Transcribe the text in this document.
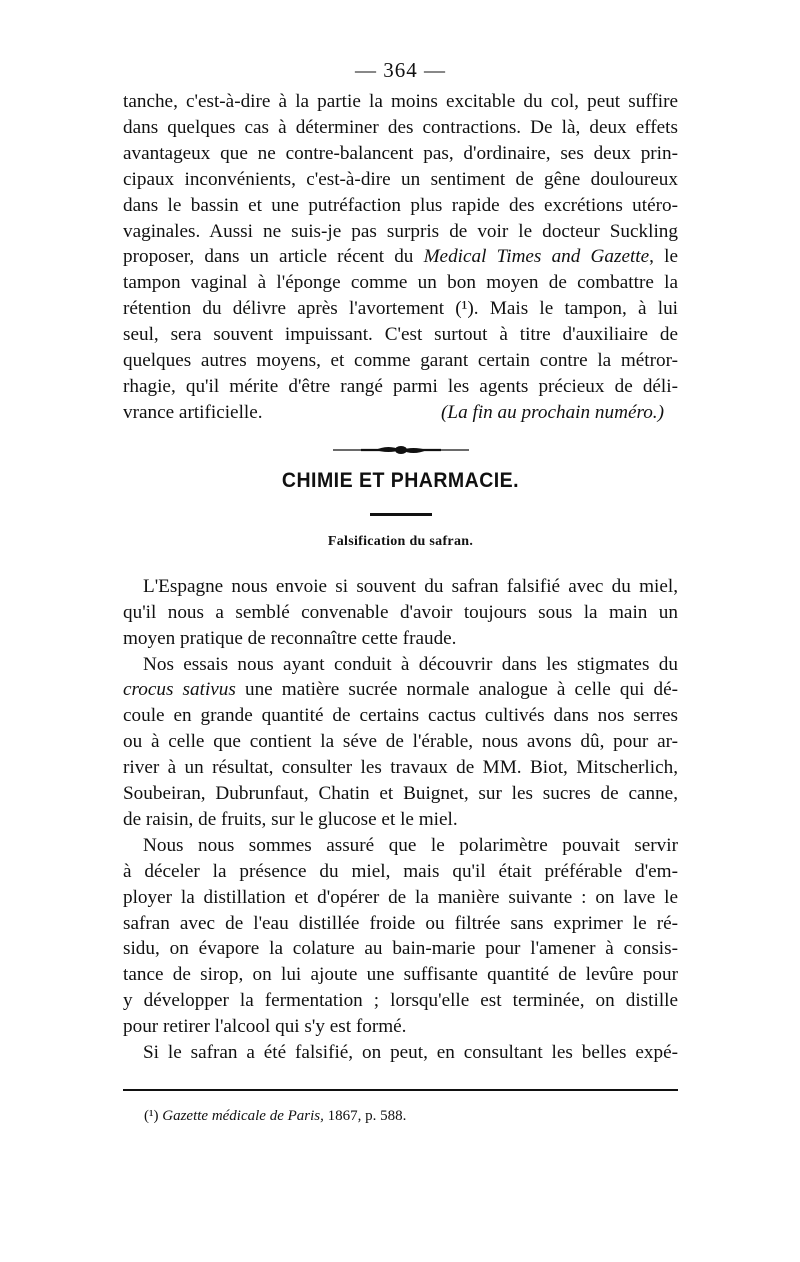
— 364 —
tanche, c'est-à-dire à la partie la moins excitable du col, peut suffire
dans quelques cas à déterminer des contractions. De là, deux effets
avantageux que ne contre-balancent pas, d'ordinaire, ses deux prin-
cipaux inconvénients, c'est-à-dire un sentiment de gêne douloureux
dans le bassin et une putréfaction plus rapide des excrétions utéro-
vaginales. Aussi ne suis-je pas surpris de voir le docteur Suckling
proposer, dans un article récent du Medical Times and Gazette, le
tampon vaginal à l'éponge comme un bon moyen de combattre la
rétention du délivre après l'avortement (¹). Mais le tampon, à lui
seul, sera souvent impuissant. C'est surtout à titre d'auxiliaire de
quelques autres moyens, et comme garant certain contre la métror-
rhagie, qu'il mérite d'être rangé parmi les agents précieux de déli-
vrance artificielle.	(La fin au prochain numéro.)
CHIMIE ET PHARMACIE.
Falsification du safran.
L'Espagne nous envoie si souvent du safran falsifié avec du miel,
qu'il nous a semblé convenable d'avoir toujours sous la main un
moyen pratique de reconnaître cette fraude.
Nos essais nous ayant conduit à découvrir dans les stigmates du
crocus sativus une matière sucrée normale analogue à celle qui dé-
coule en grande quantité de certains cactus cultivés dans nos serres
ou à celle que contient la séve de l'érable, nous avons dû, pour ar-
river à un résultat, consulter les travaux de MM. Biot, Mitscherlich,
Soubeiran, Dubrunfaut, Chatin et Buignet, sur les sucres de canne,
de raisin, de fruits, sur le glucose et le miel.
Nous nous sommes assuré que le polarimètre pouvait servir
à déceler la présence du miel, mais qu'il était préférable d'em-
ployer la distillation et d'opérer de la manière suivante : on lave le
safran avec de l'eau distillée froide ou filtrée sans exprimer le ré-
sidu, on évapore la colature au bain-marie pour l'amener à consis-
tance de sirop, on lui ajoute une suffisante quantité de levûre pour
y développer la fermentation ; lorsqu'elle est terminée, on distille
pour retirer l'alcool qui s'y est formé.
Si le safran a été falsifié, on peut, en consultant les belles expé-
(¹) Gazette médicale de Paris, 1867, p. 588.
